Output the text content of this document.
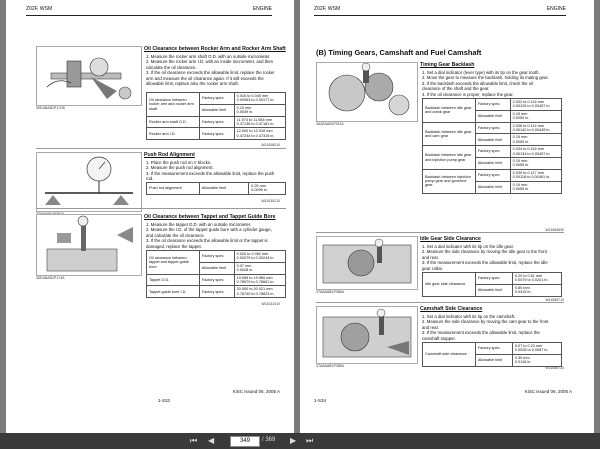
Z02F, WSM	ENGINE
3EEABAB1P1?O6
Oil Clearance between Rocker Arm and Rocker Arm Shaft
1. Measure the rocker arm shaft O.D. with an outside micrometer.
2. Measure the rocker arm I.D. with an inside micrometer, and then
calculate the oil clearance.
3. If the oil clearance exceeds the allowable limit, replace the rocker
arm and measure the oil clearance again. If it still exceeds the
allowable limit, replace also the rocker arm shaft.
Oil clearance between rocker arm and rocker arm shaft	Factory spec.	0.016 to 0.045 mm
0.00063 to 0.00177 in.
	Allowable limit	0.10 mm
0.0039 in.
Rocker arm shaft O.D.	Factory spec.	11.973 to 11.984 mm
0.47138 to 0.47181 in.
Rocker arm I.D.	Factory spec.	12.000 to 12.018 mm
0.47244 to 0.47315 in.
W11006010
3TAABAB1P082A
Push Rod Alignment
1. Place the push rod on V blocks.
2. Measure the push rod alignment.
3. If the measurement exceeds the allowable limit, replace the push
rod.
Push rod alignment	Allowable limit	0.25 mm
0.0098 in.
W11030210
3EEABAB1P1?4A
Oil Clearance between Tappet and Tappet Guide Bore
1. Measure the tappet O.D. with an outside micrometer.
2. Measure the I.D. of the tappet guide bore with a cylinder gauge,
and calculate the oil clearance.
3. If the oil clearance exceeds the allowable limit or the tappet is
damaged, replace the tappet.
Oil clearance between tappet and tappet guide bore	Factory spec.	0.020 to 0.062 mm
0.00079 to 0.00244 in.
	Allowable limit	0.07 mm
0.0028 in.
Tappet O.D.	Factory spec.	19.959 to 19.980 mm
0.78579 to 0.78661 in.
Tappet guide bore I.D.	Factory spec.	20.000 to 20.021 mm
0.78740 to 0.78823 in.
W11031410
1-S33
KiSC issued 06, 2005 A
Z02F, WSM	ENGINE
(B) Timing Gears, Camshaft and Fuel Camshaft
3A2EAAB1P011A
Timing Gear Backlash
1. Set a dial indicator (lever type) with its tip on the gear tooth.
2. Move the gear to measure the backlash, holding its mating gear.
3. If the backlash exceeds the allowable limit, check the oil
clearance of the shaft and the gear.
4. If the oil clearance is proper, replace the gear.
Backlash between idle gear and crank gear	Factory spec.	0.032 to 0.116 mm
0.00126 to 0.00457 in.
	Allowable limit	0.15 mm
0.0059 in.
Backlash between idle gear and cam gear	Factory spec.	0.036 to 0.114 mm
0.00142 to 0.00449 in.
	Allowable limit	0.15 mm
0.0059 in.
Backlash between idle gear and injection pump gear	Factory spec.	0.034 to 0.116 mm
0.00134 to 0.00457 in.
	Allowable limit	0.15 mm
0.0059 in.
Backlash between injection pump gear and governor gear	Factory spec.	0.030 to 0.117 mm
0.00118 to 0.00461 in.
	Allowable limit	0.15 mm
0.0059 in.
W11084630
3TAABAB1P086A
Idle Gear Side Clearance
1. Set a dial indicator with its tip on the idle gear.
2. Measure the side clearance by moving the idle gear to the front
and rear.
3. If the measurement exceeds the allowable limit, replace the idle
gear collar.
Idle gear side clearance	Factory spec.	0.20 to 0.51 mm
0.0079 to 0.0201 in.
	Allowable limit	0.80 mm
0.0315 in.
W11085710
3TAABAB1P085A
Camshaft Side Clearance
1. Set a dial indicator with its tip on the camshaft.
2. Measure the side clearance by moving the cam gear to the front
and rear.
3. If the measurement exceeds the allowable limit, replace the
camshaft stopper.
Camshaft side clearance	Factory spec.	0.07 to 0.22 mm
0.0028 to 0.0087 in.
	Allowable limit	0.30 mm
0.0118 in.
W11086720
1-S34
KiSC issued 06, 2005 A
⏮ ◀	349	/ 369 ▶ ⏭
